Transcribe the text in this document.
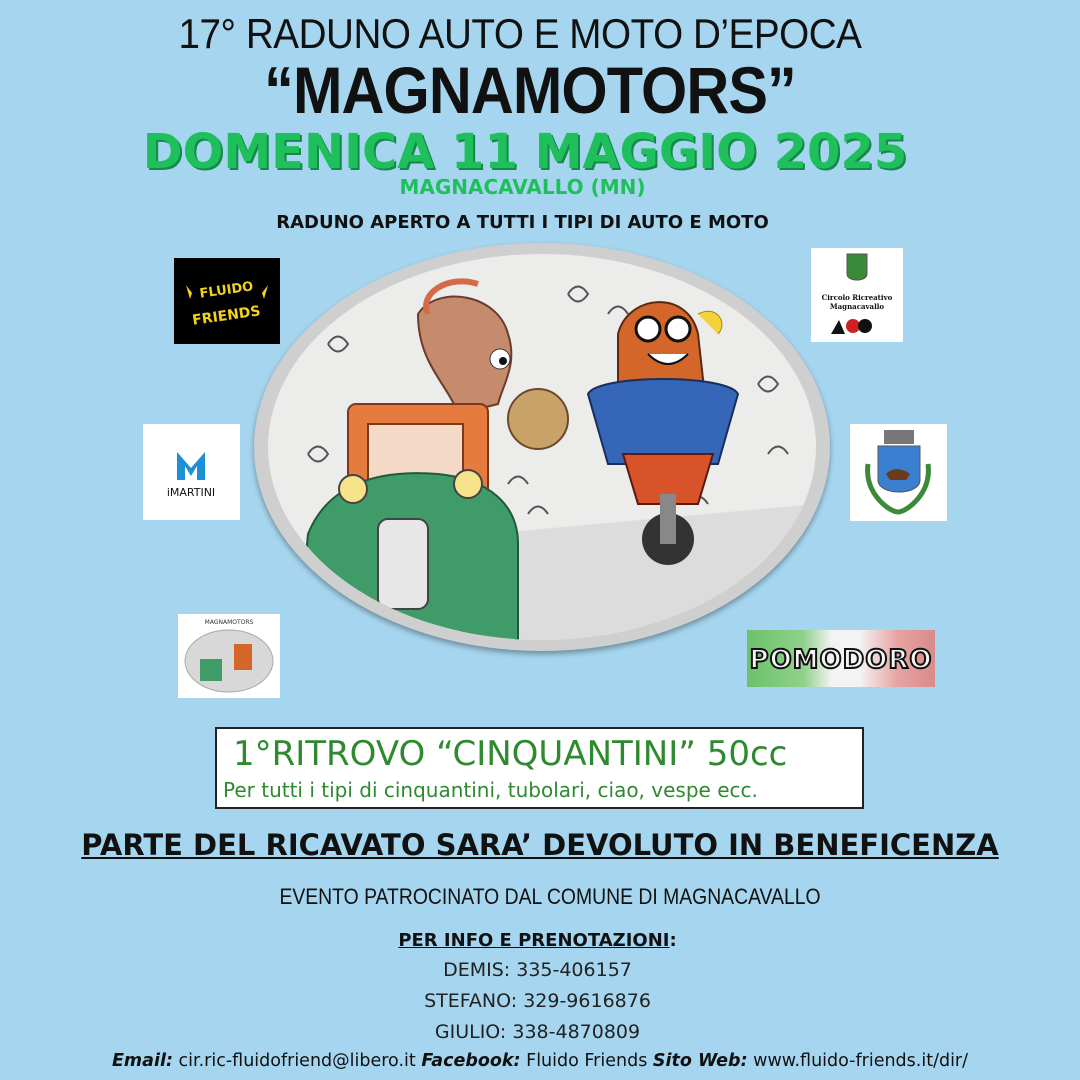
17° RADUNO AUTO E MOTO D’EPOCA
“MAGNAMOTORS”
DOMENICA 11 MAGGIO 2025
MAGNACAVALLO (MN)
RADUNO APERTO A TUTTI I TIPI DI AUTO E MOTO
FLUIDO
FRIENDS
Circolo Ricreativo
Magnacavallo
iMARTINI
MAGNAMOTORS
POMODORO
1°RITROVO “CINQUANTINI” 50cc
Per tutti i tipi di cinquantini, tubolari, ciao, vespe ecc.
PARTE DEL RICAVATO SARA’ DEVOLUTO IN BENEFICENZA
EVENTO PATROCINATO DAL COMUNE DI MAGNACAVALLO
PER INFO E PRENOTAZIONI:
DEMIS: 335-406157
STEFANO: 329-9616876
GIULIO: 338-4870809
Email: cir.ric-fluidofriend@libero.it Facebook: Fluido Friends Sito Web: www.fluido-friends.it/dir/
